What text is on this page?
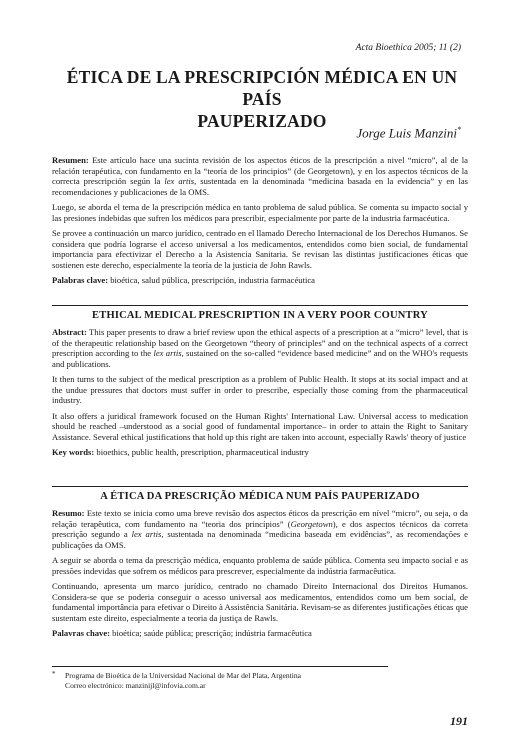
Acta Bioethica 2005; 11 (2)
ÉTICA DE LA PRESCRIPCIÓN MÉDICA EN UN PAÍS
PAUPERIZADO
Jorge Luis Manzini*

Resumen: Este artículo hace una sucinta revisión de los aspectos éticos de la prescripción a nivel “micro”, al de la relación terapéutica, con fundamento en la “teoría de los principios” (de Georgetown), y en los aspectos técnicos de la correcta prescripción según la lex artis, sustentada en la denominada “medicina basada en la evidencia” y en las recomendaciones y publicaciones de la OMS.

Luego, se aborda el tema de la prescripción médica en tanto problema de salud pública. Se comenta su impacto social y las presiones indebidas que sufren los médicos para prescribir, especialmente por parte de la industria farmacéutica.

Se provee a continuación un marco jurídico, centrado en el llamado Derecho Internacional de los Derechos Humanos. Se considera que podría lograrse el acceso universal a los medicamentos, entendidos como bien social, de fundamental importancia para efectivizar el Derecho a la Asistencia Sanitaria. Se revisan las distintas justificaciones éticas que sostienen este derecho, especialmente la teoría de la justicia de John Rawls.

Palabras clave: bioética, salud pública, prescripción, industria farmacéutica

ETHICAL MEDICAL PRESCRIPTION IN A VERY POOR COUNTRY

Abstract: This paper presents to draw a brief review upon the ethical aspects of a prescription at a “micro” level, that is of the therapeutic relationship based on the Georgetown “theory of principles” and on the technical aspects of a correct prescription according to the lex artis, sustained on the so-called “evidence based medicine” and on the WHO's requests and publications.

It then turns to the subject of the medical prescription as a problem of Public Health. It stops at its social impact and at the undue pressures that doctors must suffer in order to prescribe, especially those coming from the pharmaceutical industry.

It also offers a juridical framework focused on the Human Rights' International Law. Universal access to medication should be reached –understood as a social good of fundamental importance– in order to attain the Right to Sanitary Assistance. Several ethical justifications that hold up this right are taken into account, especially Rawls' theory of justice

Key words: bioethics, public health, prescription, pharmaceutical industry

A ÉTICA DA PRESCRIÇÃO MÉDICA NUM PAÍS PAUPERIZADO

Resumo: Este texto se inicia como uma breve revisão dos aspectos éticos da prescrição em nível “micro”, ou seja, o da relação terapêutica, com fundamento na “teoria dos princípios” (Georgetown), e dos aspectos técnicos da correta prescrição segundo a lex artis, sustentada na denominada “medicina baseada em evidências”, as recomendações e publicações da OMS.

A seguir se aborda o tema da prescrição médica, enquanto problema de saúde pública. Comenta seu impacto social e as pressões indevidas que sofrem os médicos para prescrever, especialmente da indústria farmacêutica.

Continuando, apresenta um marco jurídico, centrado no chamado Direito Internacional dos Direitos Humanos. Considera-se que se poderia conseguir o acesso universal aos medicamentos, entendidos como um bem social, de fundamental importância para efetivar o Direito à Assistência Sanitária. Revisam-se as diferentes justificações éticas que sustentam este direito, especialmente a teoria da justiça de Rawls.

Palavras chave: bioética; saúde pública; prescrição; indústria farmacêutica

*	Programa de Bioética de la Universidad Nacional de Mar del Plata, Argentina
Correo electrónico: manzinijl@infovia.com.ar
191
